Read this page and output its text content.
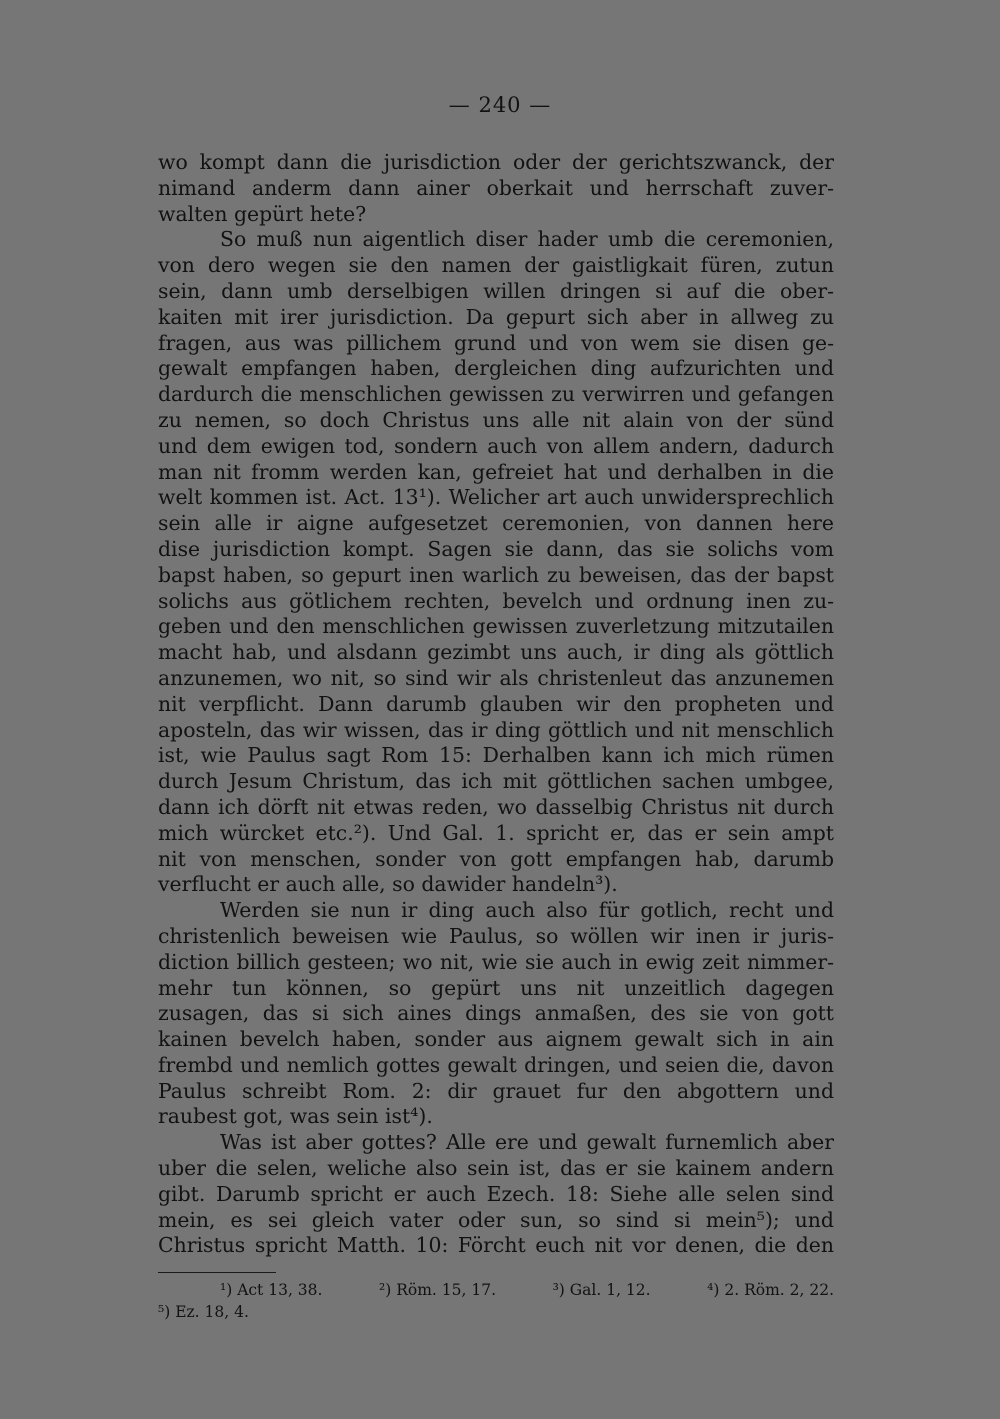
— 240 —

wo kompt dann die jurisdiction oder der gerichtszwanck, der
nimand anderm dann ainer oberkait und herrschaft zuver-
walten gepürt hete?

So muß nun aigentlich diser hader umb die ceremonien,
von dero wegen sie den namen der gaistligkait füren, zutun
sein, dann umb derselbigen willen dringen si auf die ober-
kaiten mit irer jurisdiction. Da gepurt sich aber in allweg zu
fragen, aus was pillichem grund und von wem sie disen ge-
gewalt empfangen haben, dergleichen ding aufzurichten und
dardurch die menschlichen gewissen zu verwirren und gefangen
zu nemen, so doch Christus uns alle nit alain von der sünd
und dem ewigen tod, sondern auch von allem andern, dadurch
man nit fromm werden kan, gefreiet hat und derhalben in die
welt kommen ist. Act. 13¹). Welicher art auch unwidersprechlich
sein alle ir aigne aufgesetzet ceremonien, von dannen here
dise jurisdiction kompt. Sagen sie dann, das sie solichs vom
bapst haben, so gepurt inen warlich zu beweisen, das der bapst
solichs aus götlichem rechten, bevelch und ordnung inen zu-
geben und den menschlichen gewissen zuverletzung mitzutailen
macht hab, und alsdann gezimbt uns auch, ir ding als göttlich
anzunemen, wo nit, so sind wir als christenleut das anzunemen
nit verpflicht. Dann darumb glauben wir den propheten und
aposteln, das wir wissen, das ir ding göttlich und nit menschlich
ist, wie Paulus sagt Rom 15: Derhalben kann ich mich rümen
durch Jesum Christum, das ich mit göttlichen sachen umbgee,
dann ich dörft nit etwas reden, wo dasselbig Christus nit durch
mich würcket etc.²). Und Gal. 1. spricht er, das er sein ampt
nit von menschen, sonder von gott empfangen hab, darumb
verflucht er auch alle, so dawider handeln³).

Werden sie nun ir ding auch also für gotlich, recht und
christenlich beweisen wie Paulus, so wöllen wir inen ir juris-
diction billich gesteen; wo nit, wie sie auch in ewig zeit nimmer-
mehr tun können, so gepürt uns nit unzeitlich dagegen
zusagen, das si sich aines dings anmaßen, des sie von gott
kainen bevelch haben, sonder aus aignem gewalt sich in ain
frembd und nemlich gottes gewalt dringen, und seien die, davon
Paulus schreibt Rom. 2: dir grauet fur den abgottern und
raubest got, was sein ist⁴).

Was ist aber gottes? Alle ere und gewalt furnemlich aber
uber die selen, weliche also sein ist, das er sie kainem andern
gibt. Darumb spricht er auch Ezech. 18: Siehe alle selen sind
mein, es sei gleich vater oder sun, so sind si mein⁵); und
Christus spricht Matth. 10: Förcht euch nit vor denen, die den

¹) Act 13, 38.	²) Röm. 15, 17.	³) Gal. 1, 12.	⁴) 2. Röm. 2, 22.
⁵) Ez. 18, 4.
